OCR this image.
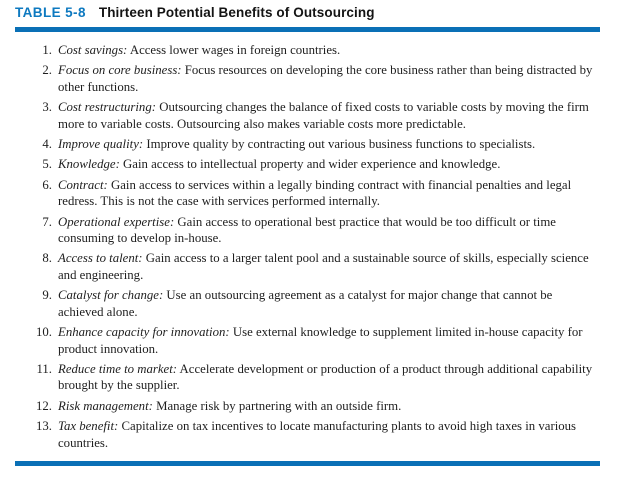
TABLE 5-8 Thirteen Potential Benefits of Outsourcing
1. Cost savings: Access lower wages in foreign countries.
2. Focus on core business: Focus resources on developing the core business rather than being distracted by other functions.
3. Cost restructuring: Outsourcing changes the balance of fixed costs to variable costs by moving the firm more to variable costs. Outsourcing also makes variable costs more predictable.
4. Improve quality: Improve quality by contracting out various business functions to specialists.
5. Knowledge: Gain access to intellectual property and wider experience and knowledge.
6. Contract: Gain access to services within a legally binding contract with financial penalties and legal redress. This is not the case with services performed internally.
7. Operational expertise: Gain access to operational best practice that would be too difficult or time consuming to develop in-house.
8. Access to talent: Gain access to a larger talent pool and a sustainable source of skills, especially science and engineering.
9. Catalyst for change: Use an outsourcing agreement as a catalyst for major change that cannot be achieved alone.
10. Enhance capacity for innovation: Use external knowledge to supplement limited in-house capacity for product innovation.
11. Reduce time to market: Accelerate development or production of a product through additional capability brought by the supplier.
12. Risk management: Manage risk by partnering with an outside firm.
13. Tax benefit: Capitalize on tax incentives to locate manufacturing plants to avoid high taxes in various countries.
